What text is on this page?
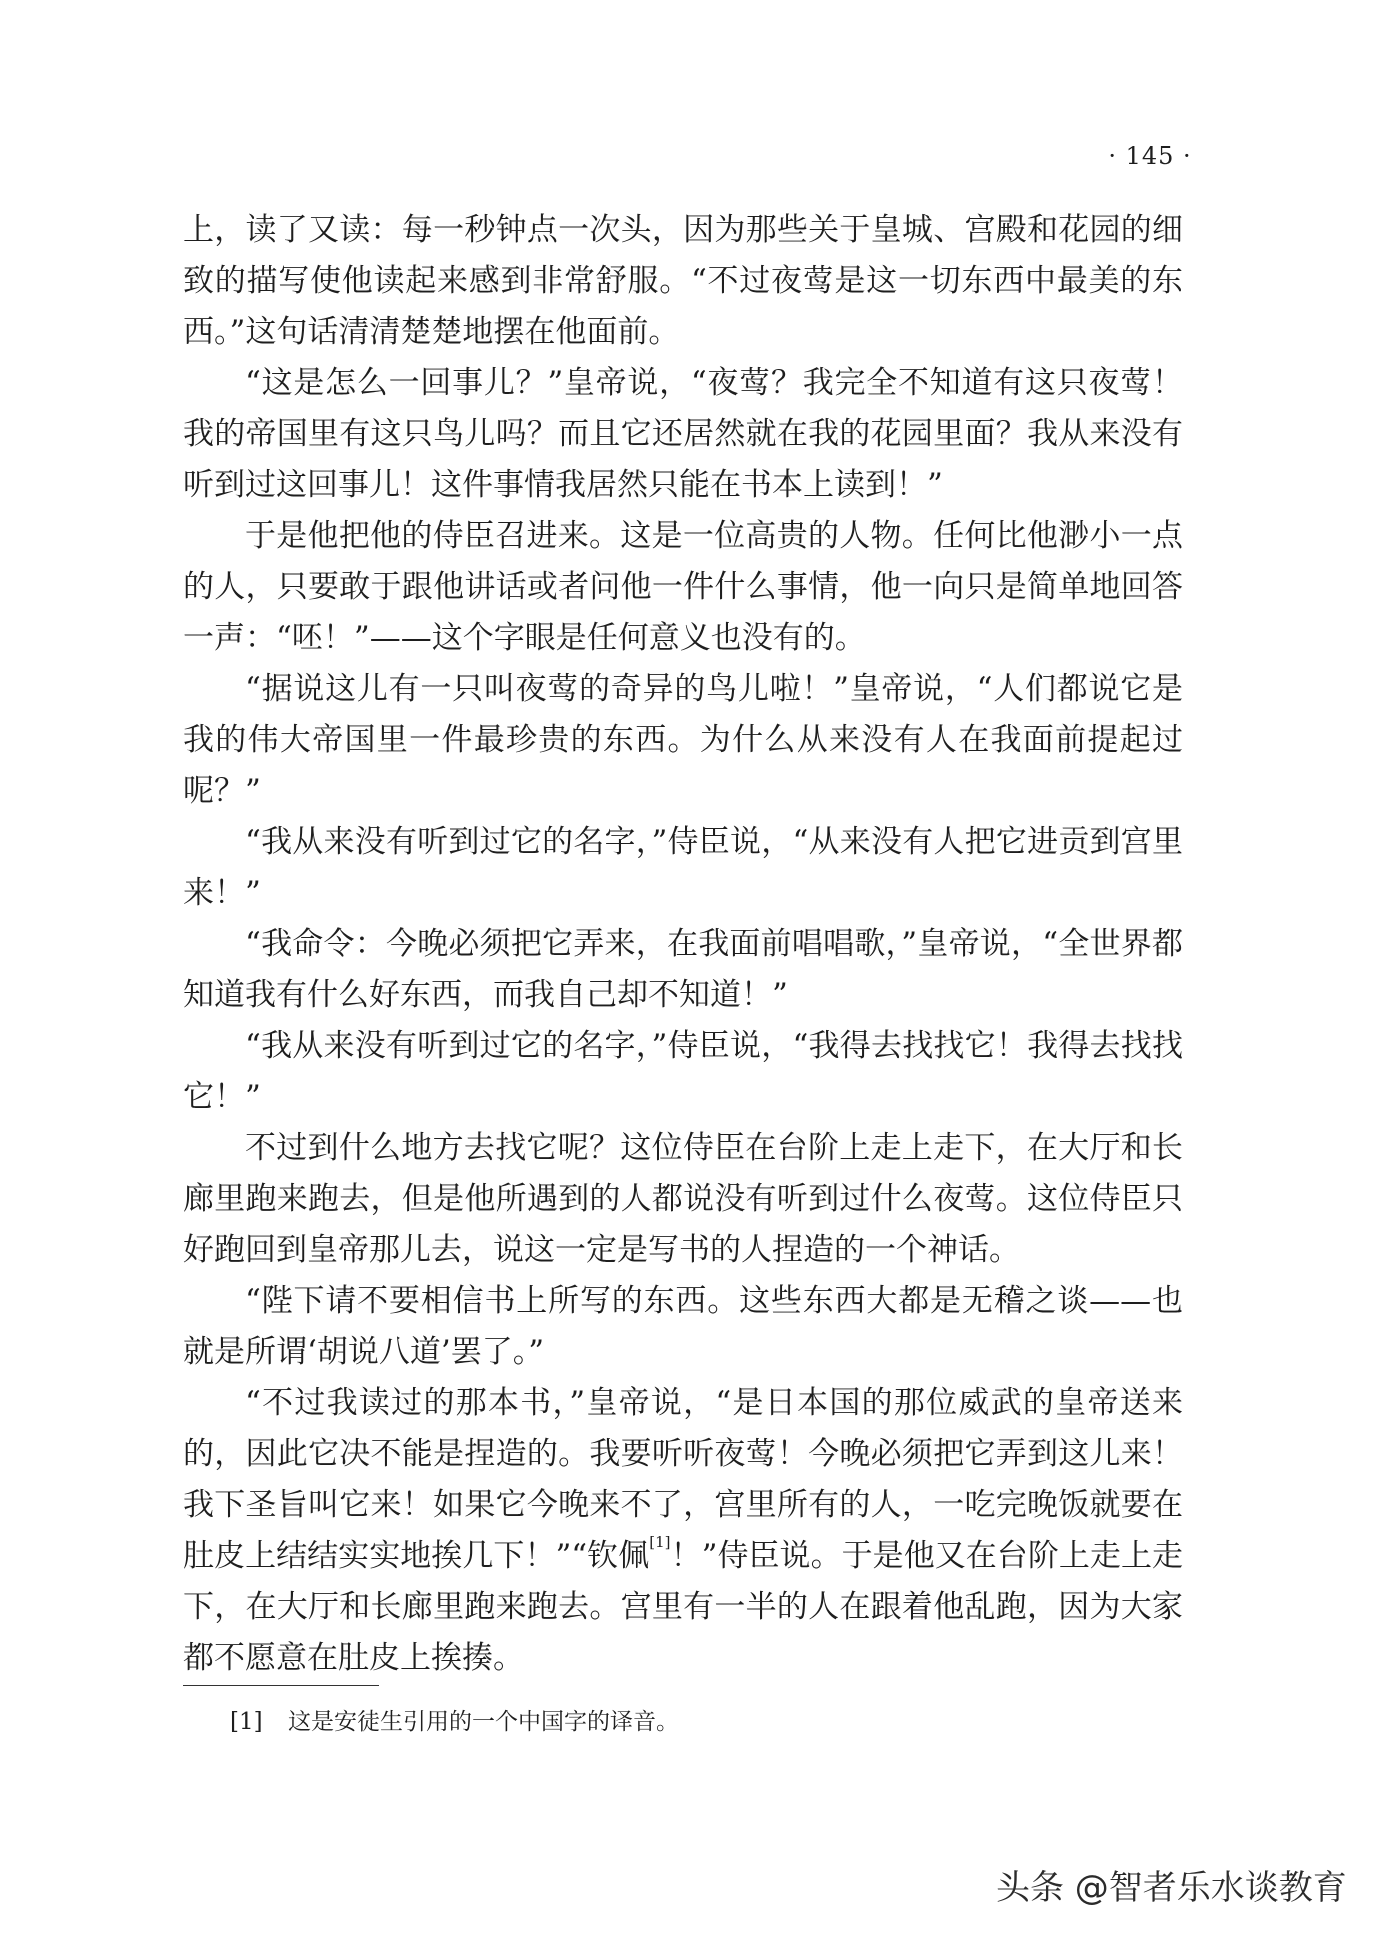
· 145 ·

上，读了又读：每一秒钟点一次头，因为那些关于皇城、宫殿和花园的细致的描写使他读起来感到非常舒服。“不过夜莺是这一切东西中最美的东西。”这句话清清楚楚地摆在他面前。

“这是怎么一回事儿？”皇帝说，“夜莺？我完全不知道有这只夜莺！我的帝国里有这只鸟儿吗？而且它还居然就在我的花园里面？我从来没有听到过这回事儿！这件事情我居然只能在书本上读到！”

于是他把他的侍臣召进来。这是一位高贵的人物。任何比他渺小一点的人，只要敢于跟他讲话或者问他一件什么事情，他一向只是简单地回答一声：“呸！”——这个字眼是任何意义也没有的。

“据说这儿有一只叫夜莺的奇异的鸟儿啦！”皇帝说，“人们都说它是我的伟大帝国里一件最珍贵的东西。为什么从来没有人在我面前提起过呢？”

“我从来没有听到过它的名字，”侍臣说，“从来没有人把它进贡到宫里来！”

“我命令：今晚必须把它弄来，在我面前唱唱歌，”皇帝说，“全世界都知道我有什么好东西，而我自己却不知道！”

“我从来没有听到过它的名字，”侍臣说，“我得去找找它！我得去找找它！”

不过到什么地方去找它呢？这位侍臣在台阶上走上走下，在大厅和长廊里跑来跑去，但是他所遇到的人都说没有听到过什么夜莺。这位侍臣只好跑回到皇帝那儿去，说这一定是写书的人捏造的一个神话。

“陛下请不要相信书上所写的东西。这些东西大都是无稽之谈——也就是所谓‘胡说八道’罢了。”

“不过我读过的那本书，”皇帝说，“是日本国的那位威武的皇帝送来的，因此它决不能是捏造的。我要听听夜莺！今晚必须把它弄到这儿来！我下圣旨叫它来！如果它今晚来不了，宫里所有的人，一吃完晚饭就要在肚皮上结结实实地挨几下！”“钦佩[1]！”侍臣说。于是他又在台阶上走上走下，在大厅和长廊里跑来跑去。宫里有一半的人在跟着他乱跑，因为大家都不愿意在肚皮上挨揍。

[1] 这是安徒生引用的一个中国字的译音。
头条 @智者乐水谈教育
